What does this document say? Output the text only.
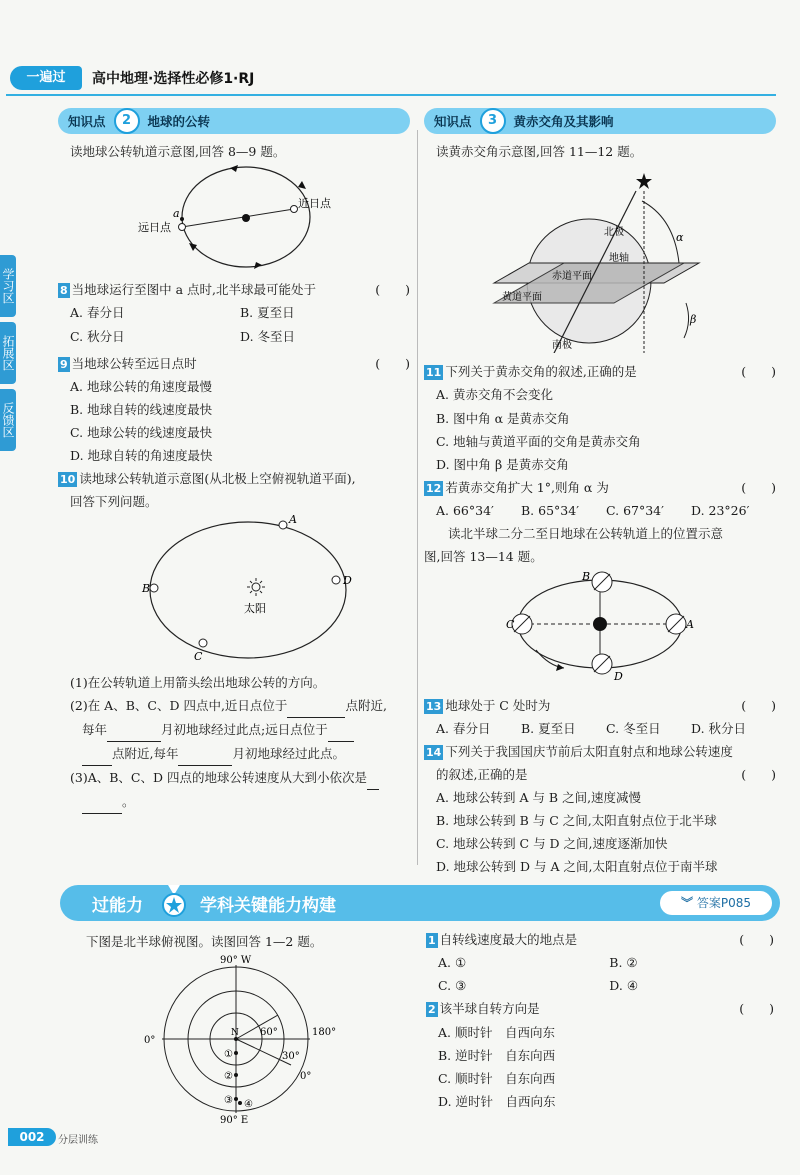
一遍过	高中地理·选择性必修1·RJ
学习区
拓展区
反馈区
知识点	2	地球的公转
读地球公转轨道示意图,回答 8—9 题。
近日点
远日点
a
8 当地球运行至图中 a 点时,北半球最可能处于	(　　)
A. 春分日	B. 夏至日
C. 秋分日	D. 冬至日
9 当地球公转至远日点时	(　　)
A. 地球公转的角速度最慢
B. 地球自转的线速度最快
C. 地球公转的线速度最快
D. 地球自转的角速度最快
10 读地球公转轨道示意图(从北极上空俯视轨道平面),
回答下列问题。
A
B
C
D
太阳
(1)在公转轨道上用箭头绘出地球公转的方向。
(2)在 A、B、C、D 四点中,近日点位于	点附近,
每年	月初地球经过此点;远日点位于
点附近,每年	月初地球经过此点。
(3)A、B、C、D 四点的地球公转速度从大到小依次是
。
知识点	3	黄赤交角及其影响
读黄赤交角示意图,回答 11—12 题。
北极
地轴
赤道平面
黄道平面
南极
α
β
11 下列关于黄赤交角的叙述,正确的是	(　　)
A. 黄赤交角不会变化
B. 图中角 α 是黄赤交角
C. 地轴与黄道平面的交角是黄赤交角
D. 图中角 β 是黄赤交角
12 若黄赤交角扩大 1°,则角 α 为	(　　)
A. 66°34′	B. 65°34′	C. 67°34′	D. 23°26′
读北半球二分二至日地球在公转轨道上的位置示意
图,回答 13—14 题。
A
B
C
D
13 地球处于 C 处时为	(　　)
A. 春分日	B. 夏至日	C. 冬至日	D. 秋分日
14 下列关于我国国庆节前后太阳直射点和地球公转速度
的叙述,正确的是	(　　)
A. 地球公转到 A 与 B 之间,速度减慢
B. 地球公转到 B 与 C 之间,太阳直射点位于北半球
C. 地球公转到 C 与 D 之间,速度逐渐加快
D. 地球公转到 D 与 A 之间,太阳直射点位于南半球
过能力	学科关键能力构建	︾ 答案P085
下图是北半球俯视图。读图回答 1—2 题。
90° W
90° E
0°
180°
0°
60°
30°
N
①
②
③ ④
1 自转线速度最大的地点是	(　　)
A. ①	B. ②
C. ③	D. ④
2 该半球自转方向是	(　　)
A. 顺时针　自西向东
B. 逆时针　自东向西
C. 顺时针　自东向西
D. 逆时针　自西向东
002	分层训练
